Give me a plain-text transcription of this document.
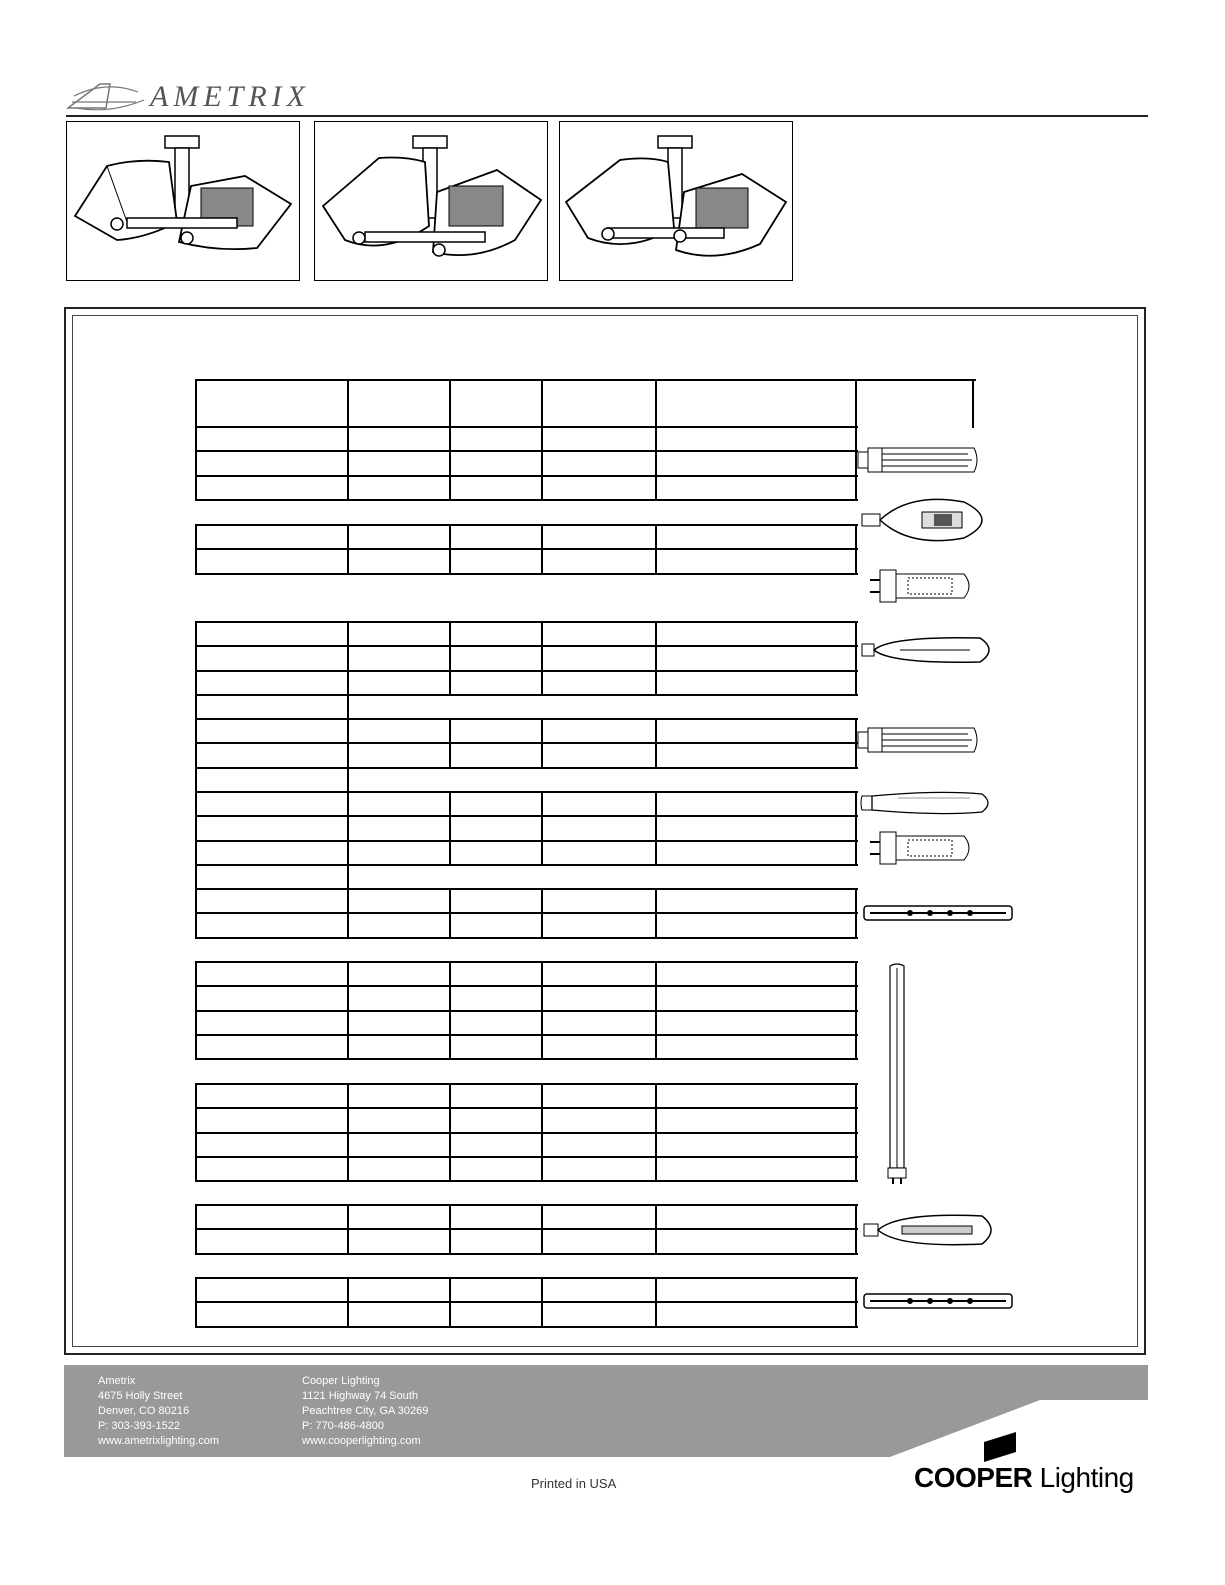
AMETRIX
Ametrix
4675 Holly Street
Denver, CO 80216
P: 303-393-1522
www.ametrixlighting.com
Cooper Lighting
1121 Highway 74 South
Peachtree City, GA 30269
P: 770-486-4800
www.cooperlighting.com
Printed in USA	COOPER Lighting
